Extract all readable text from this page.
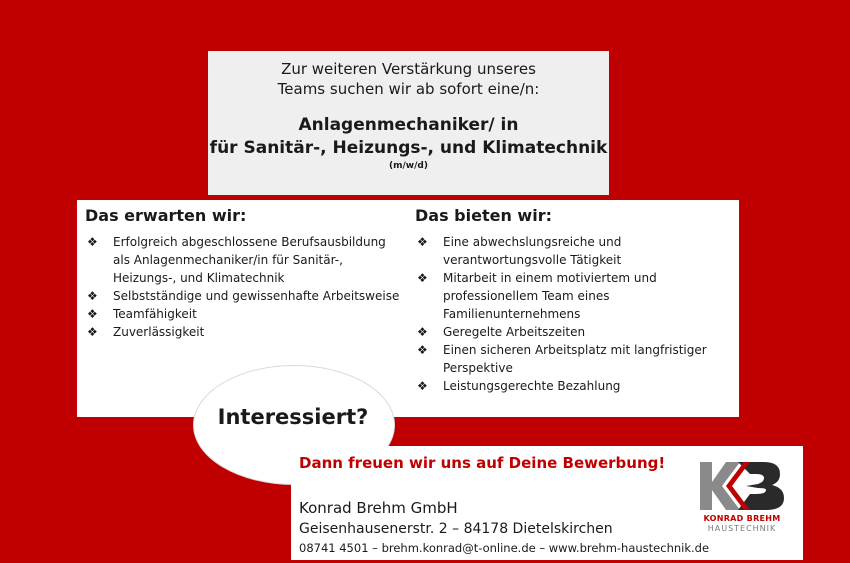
Zur weiteren Verstärkung unseres
Teams suchen wir ab sofort eine/n:
Anlagenmechaniker/ in
für Sanitär-, Heizungs-, und Klimatechnik
(m/w/d)
Das erwarten wir:
❖ Erfolgreich abgeschlossene Berufsausbildung als Anlagenmechaniker/in für Sanitär-, Heizungs-, und Klimatechnik
❖ Selbstständige und gewissenhafte Arbeitsweise
❖ Teamfähigkeit
❖ Zuverlässigkeit
Das bieten wir:
❖ Eine abwechslungsreiche und verantwortungsvolle Tätigkeit
❖ Mitarbeit in einem motiviertem und professionellem Team eines Familienunternehmens
❖ Geregelte Arbeitszeiten
❖ Einen sicheren Arbeitsplatz mit langfristiger Perspektive
❖ Leistungsgerechte Bezahlung
Interessiert?
Dann freuen wir uns auf Deine Bewerbung!
Konrad Brehm GmbH
Geisenhausenerstr. 2 – 84178 Dietelskirchen
08741 4501 – brehm.konrad@t-online.de – www.brehm-haustechnik.de
KONRAD BREHM
HAUSTECHNIK
